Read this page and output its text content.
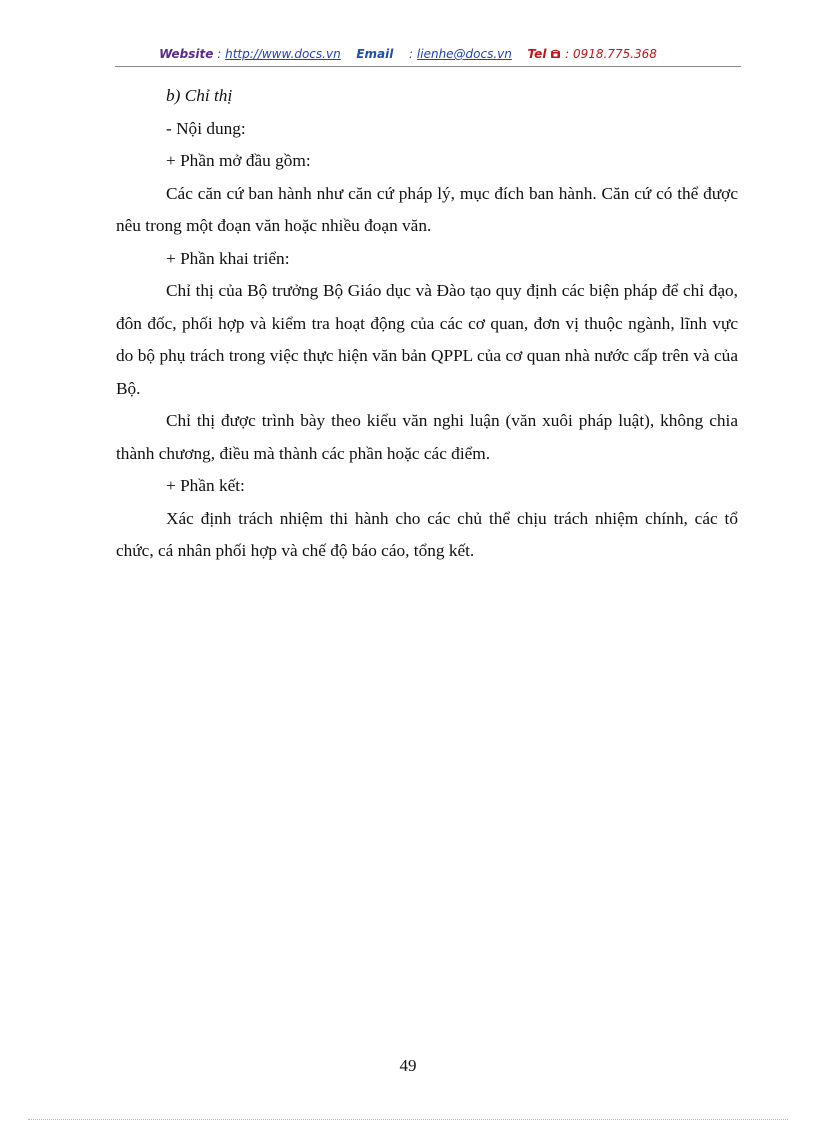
Website : http://www.docs.vn Email : lienhe@docs.vn Tel : 0918.775.368

b) Chỉ thị

- Nội dung:

+ Phần mở đầu gồm:

Các căn cứ ban hành như căn cứ pháp lý, mục đích ban hành. Căn cứ có thể được nêu trong một đoạn văn hoặc nhiều đoạn văn.

+ Phần khai triển:

Chỉ thị của Bộ trưởng Bộ Giáo dục và Đào tạo quy định các biện pháp để chỉ đạo, đôn đốc, phối hợp và kiểm tra hoạt động của các cơ quan, đơn vị thuộc ngành, lĩnh vực do bộ phụ trách trong việc thực hiện văn bản QPPL của cơ quan nhà nước cấp trên và của Bộ.

Chỉ thị được trình bày theo kiểu văn nghi luận (văn xuôi pháp luật), không chia thành chương, điều mà thành các phần hoặc các điểm.

+ Phần kết:

Xác định trách nhiệm thi hành cho các chủ thể chịu trách nhiệm chính, các tổ chức, cá nhân phối hợp và chế độ báo cáo, tổng kết.

49
